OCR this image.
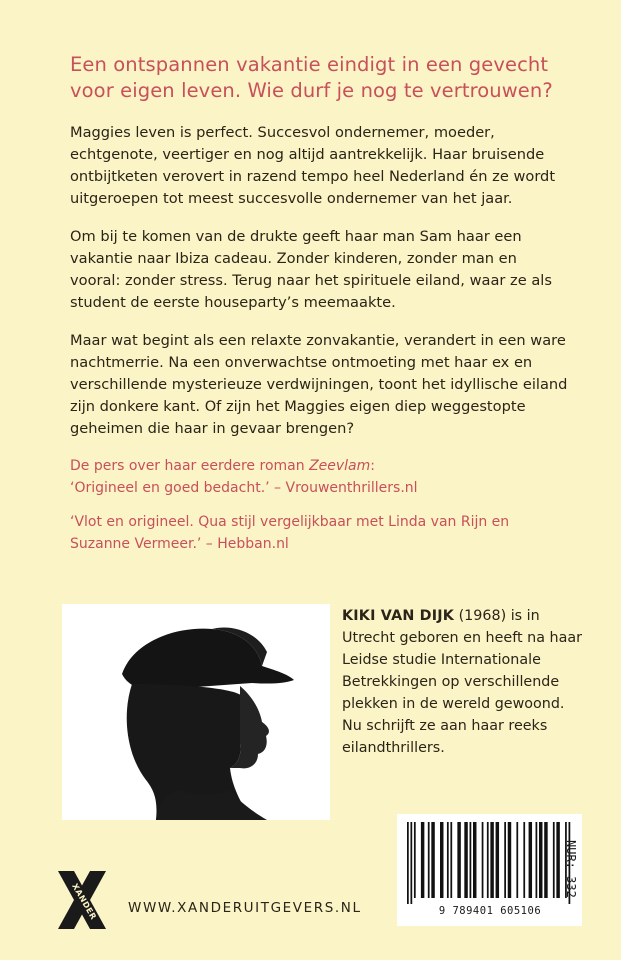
Een ontspannen vakantie eindigt in een gevecht voor eigen leven. Wie durf je nog te vertrouwen?

Maggies leven is perfect. Succesvol ondernemer, moeder, echtgenote, veertiger en nog altijd aantrekkelijk. Haar bruisende ontbijtketen verovert in razend tempo heel Nederland én ze wordt uitgeroepen tot meest succesvolle ondernemer van het jaar.

Om bij te komen van de drukte geeft haar man Sam haar een vakantie naar Ibiza cadeau. Zonder kinderen, zonder man en vooral: zonder stress. Terug naar het spirituele eiland, waar ze als student de eerste houseparty’s meemaakte.

Maar wat begint als een relaxte zonvakantie, verandert in een ware nachtmerrie. Na een onverwachtse ontmoeting met haar ex en verschillende mysterieuze verdwijningen, toont het idyllische eiland zijn donkere kant. Of zijn het Maggies eigen diep weggestopte geheimen die haar in gevaar brengen?

De pers over haar eerdere roman Zeevlam:
‘Origineel en goed bedacht.’ – Vrouwenthrillers.nl

‘Vlot en origineel. Qua stijl vergelijkbaar met Linda van Rijn en Suzanne Vermeer.’ – Hebban.nl

KIKI VAN DIJK (1968) is in Utrecht geboren en heeft na haar Leidse studie Internationale Betrekkingen op verschillende plekken in de wereld gewoond. Nu schrijft ze aan haar reeks eilandthrillers.

NUR: 332
9 789401 605106
XANDER WWW.XANDERUITGEVERS.NL
